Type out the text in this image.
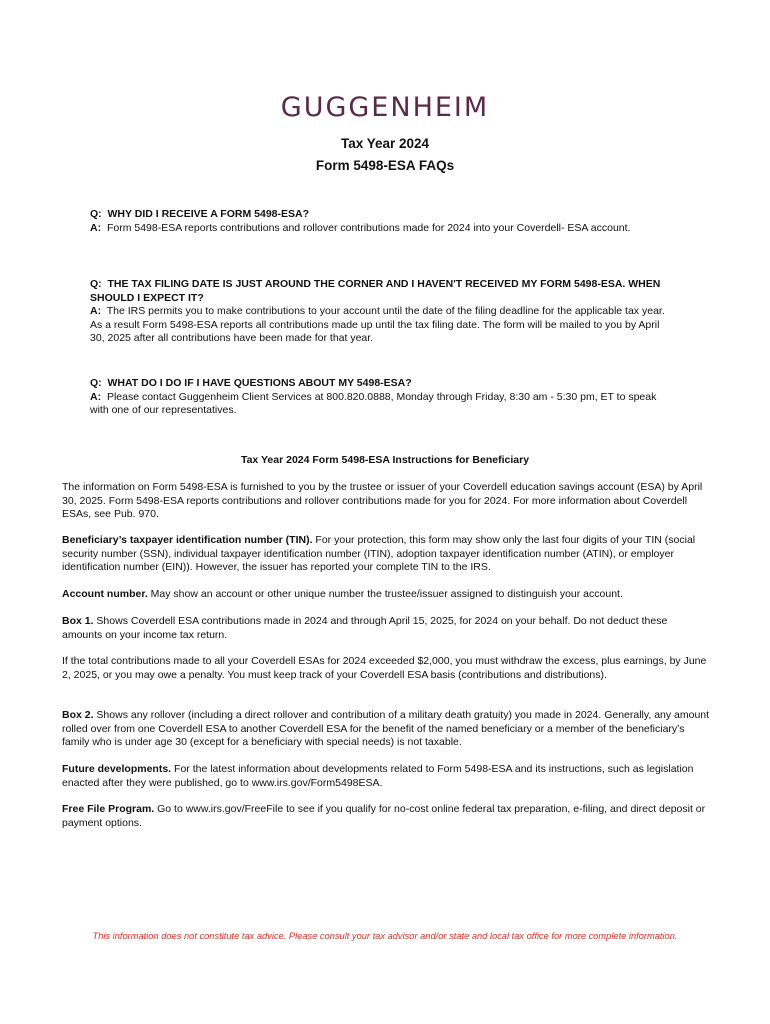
GUGGENHEIM
Tax Year 2024
Form 5498-ESA FAQs
Q: WHY DID I RECEIVE A FORM 5498-ESA?
A: Form 5498-ESA reports contributions and rollover contributions made for 2024 into your Coverdell- ESA account.
Q: THE TAX FILING DATE IS JUST AROUND THE CORNER AND I HAVEN'T RECEIVED MY FORM 5498-ESA. WHEN SHOULD I EXPECT IT?
A: The IRS permits you to make contributions to your account until the date of the filing deadline for the applicable tax year. As a result Form 5498-ESA reports all contributions made up until the tax filing date. The form will be mailed to you by April 30, 2025 after all contributions have been made for that year.
Q: WHAT DO I DO IF I HAVE QUESTIONS ABOUT MY 5498-ESA?
A: Please contact Guggenheim Client Services at 800.820.0888, Monday through Friday, 8:30 am - 5:30 pm, ET to speak with one of our representatives.
Tax Year 2024 Form 5498-ESA Instructions for Beneficiary
The information on Form 5498-ESA is furnished to you by the trustee or issuer of your Coverdell education savings account (ESA) by April 30, 2025. Form 5498-ESA reports contributions and rollover contributions made for you for 2024. For more information about Coverdell ESAs, see Pub. 970.
Beneficiary’s taxpayer identification number (TIN). For your protection, this form may show only the last four digits of your TIN (social security number (SSN), individual taxpayer identification number (ITIN), adoption taxpayer identification number (ATIN), or employer identification number (EIN)). However, the issuer has reported your complete TIN to the IRS.
Account number. May show an account or other unique number the trustee/issuer assigned to distinguish your account.
Box 1. Shows Coverdell ESA contributions made in 2024 and through April 15, 2025, for 2024 on your behalf. Do not deduct these amounts on your income tax return.
If the total contributions made to all your Coverdell ESAs for 2024 exceeded $2,000, you must withdraw the excess, plus earnings, by June 2, 2025, or you may owe a penalty. You must keep track of your Coverdell ESA basis (contributions and distributions).
Box 2. Shows any rollover (including a direct rollover and contribution of a military death gratuity) you made in 2024. Generally, any amount rolled over from one Coverdell ESA to another Coverdell ESA for the benefit of the named beneficiary or a member of the beneficiary’s family who is under age 30 (except for a beneficiary with special needs) is not taxable.
Future developments. For the latest information about developments related to Form 5498-ESA and its instructions, such as legislation enacted after they were published, go to www.irs.gov/Form5498ESA.
Free File Program. Go to www.irs.gov/FreeFile to see if you qualify for no-cost online federal tax preparation, e-filing, and direct deposit or payment options.
This information does not constitute tax advice. Please consult your tax advisor and/or state and local tax office for more complete information.
